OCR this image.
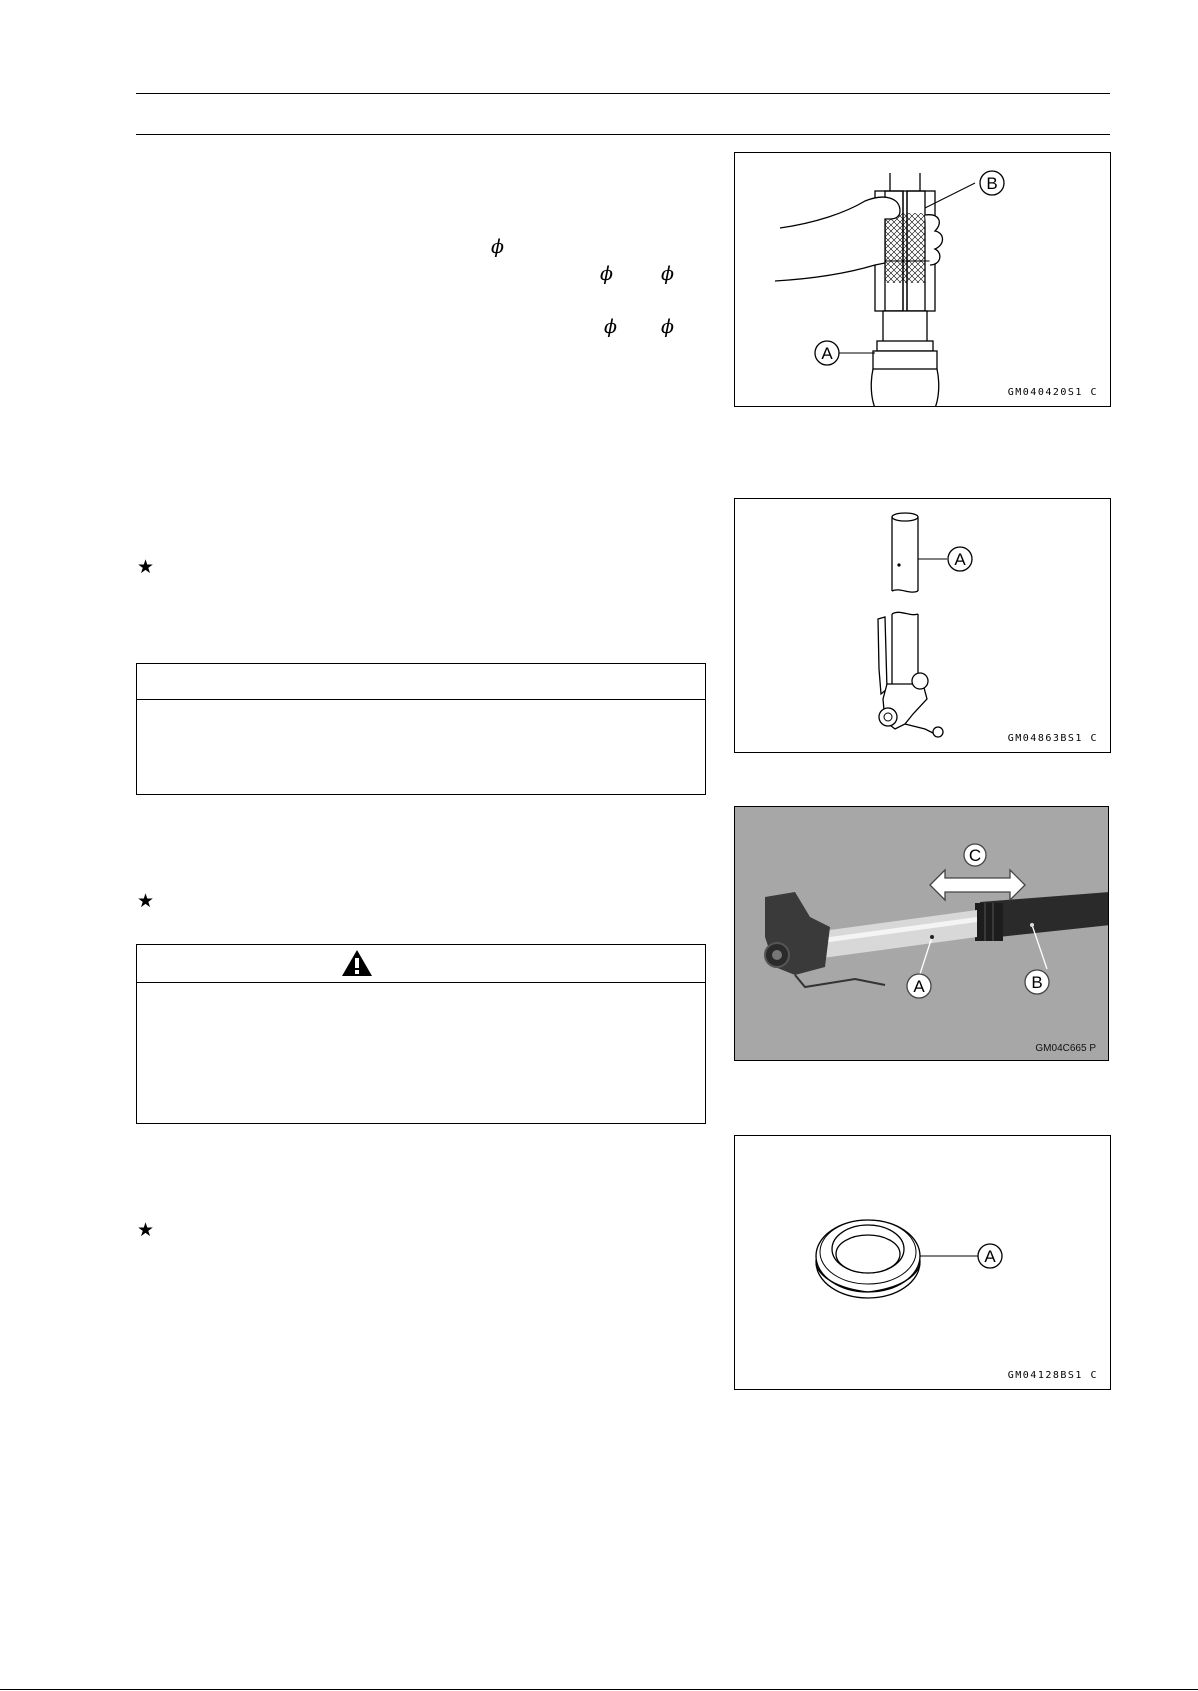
ϕ
ϕ	ϕ
ϕ ϕ
★
★
★
A
B
GM040420S1 C
A
GM04863BS1 C
C
A	B
GM04C665 P
A
GM04128BS1 C
